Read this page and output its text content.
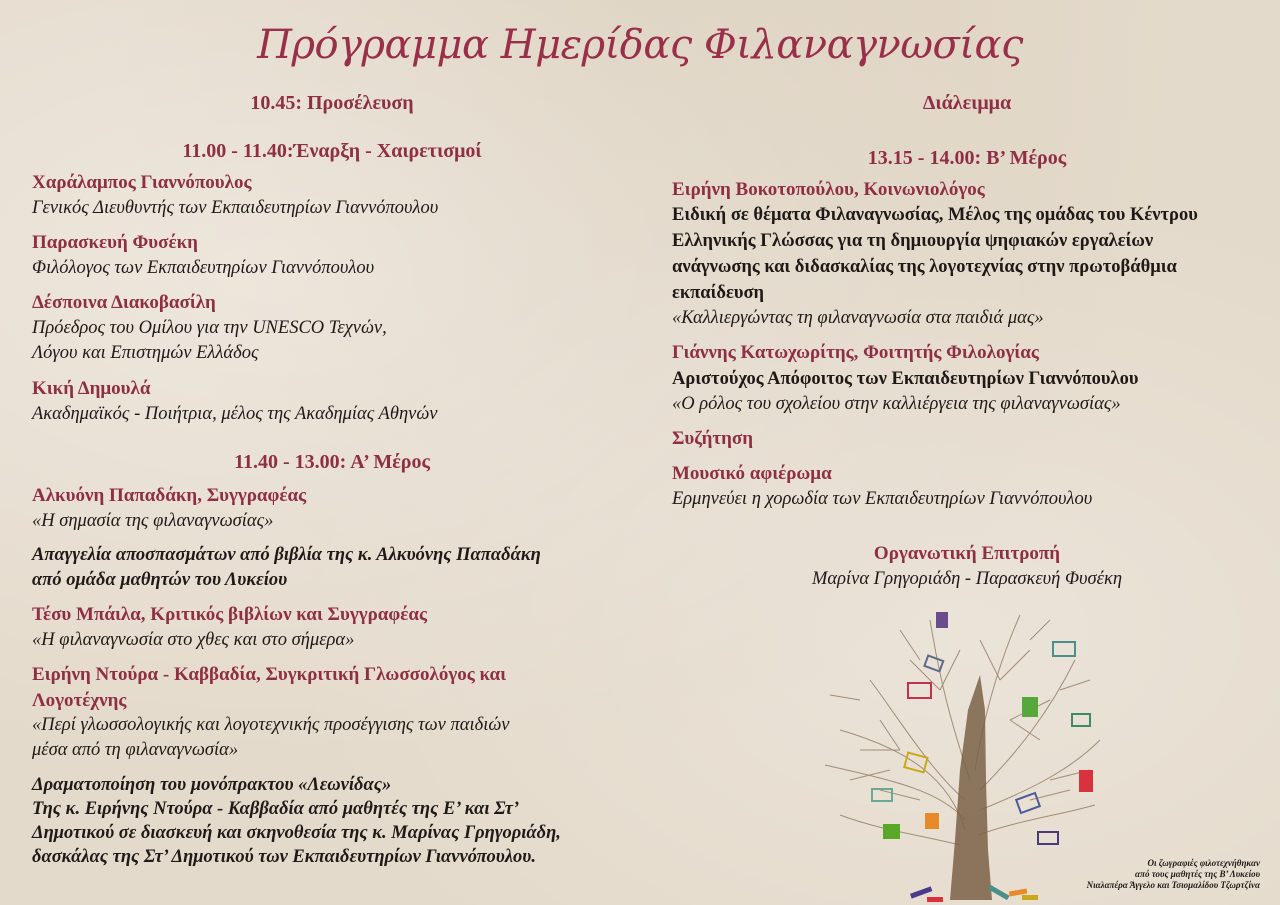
Πρόγραμμα Ημερίδας Φιλαναγνωσίας
10.45: Προσέλευση
11.00 - 11.40:Έναρξη - Χαιρετισμοί
Χαράλαμπος Γιαννόπουλος
Γενικός Διευθυντής των Εκπαιδευτηρίων Γιαννόπουλου
Παρασκευή Φυσέκη
Φιλόλογος των Εκπαιδευτηρίων Γιαννόπουλου
Δέσποινα Διακοβασίλη
Πρόεδρος του Ομίλου για την UNESCO Τεχνών,
Λόγου και Επιστημών Ελλάδος
Κική Δημουλά
Ακαδημαϊκός - Ποιήτρια, μέλος της Ακαδημίας Αθηνών
11.40 - 13.00: Α’ Μέρος
Αλκυόνη Παπαδάκη, Συγγραφέας
«Η σημασία της φιλαναγνωσίας»
Απαγγελία αποσπασμάτων από βιβλία της κ. Αλκυόνης Παπαδάκη
από ομάδα μαθητών του Λυκείου
Τέσυ Μπάιλα, Κριτικός βιβλίων και Συγγραφέας
«Η φιλαναγνωσία στο χθες και στο σήμερα»
Ειρήνη Ντούρα - Καββαδία, Συγκριτική Γλωσσολόγος και
Λογοτέχνης
«Περί γλωσσολογικής και λογοτεχνικής προσέγγισης των παιδιών
μέσα από τη φιλαναγνωσία»
Δραματοποίηση του μονόπρακτου «Λεωνίδας»
Της κ. Ειρήνης Ντούρα - Καββαδία από μαθητές της Ε’ και Στ’
Δημοτικού σε διασκευή και σκηνοθεσία της κ. Μαρίνας Γρηγοριάδη,
δασκάλας της Στ’ Δημοτικού των Εκπαιδευτηρίων Γιαννόπουλου.
Διάλειμμα
13.15 - 14.00: Β’ Μέρος
Ειρήνη Βοκοτοπούλου, Κοινωνιολόγος
Ειδική σε θέματα Φιλαναγνωσίας, Μέλος της ομάδας του Κέντρου
Ελληνικής Γλώσσας για τη δημιουργία ψηφιακών εργαλείων
ανάγνωσης και διδασκαλίας της λογοτεχνίας στην πρωτοβάθμια
εκπαίδευση
«Καλλιεργώντας τη φιλαναγνωσία στα παιδιά μας»
Γιάννης Κατωχωρίτης, Φοιτητής Φιλολογίας
Αριστούχος Απόφοιτος των Εκπαιδευτηρίων Γιαννόπουλου
«Ο ρόλος του σχολείου στην καλλιέργεια της φιλαναγνωσίας»
Συζήτηση
Μουσικό αφιέρωμα
Ερμηνεύει η χορωδία των Εκπαιδευτηρίων Γιαννόπουλου
Οργανωτική Επιτροπή
Μαρίνα Γρηγοριάδη - Παρασκευή Φυσέκη
Οι ζωγραφιές φιλοτεχνήθηκαν
από τους μαθητές της Β’ Λυκείου
Νιαλαπέρα Άγγελο και Τσιομαλίδου Τζωρτζίνα
